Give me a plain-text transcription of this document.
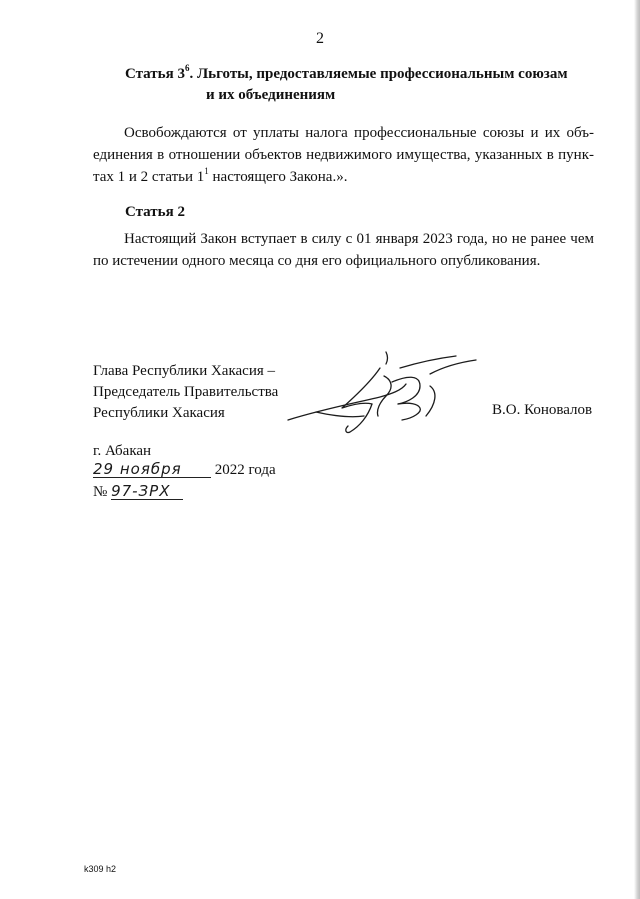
2

Статья $3^6$. Льготы, предоставляемые профессиональным союзам

и их объединениям

Освобождаются от уплаты налога профессиональные союзы и их объ-

единения в отношении объектов недвижимого имущества, указанных в пунк-

тах 1 и 2 статьи $1^1$ настоящего Закона.».

Статья 2

Настоящий Закон вступает в силу с 01 января 2023 года, но не ранее чем

по истечении одного месяца со дня его официального опубликования.

Глава Республики Хакасия –

Председатель Правительства

Республики Хакасия	В.О. Коновалов

г. Абакан

29 ноября 2022 года

№ 97-ЗРХ

k309 h2
